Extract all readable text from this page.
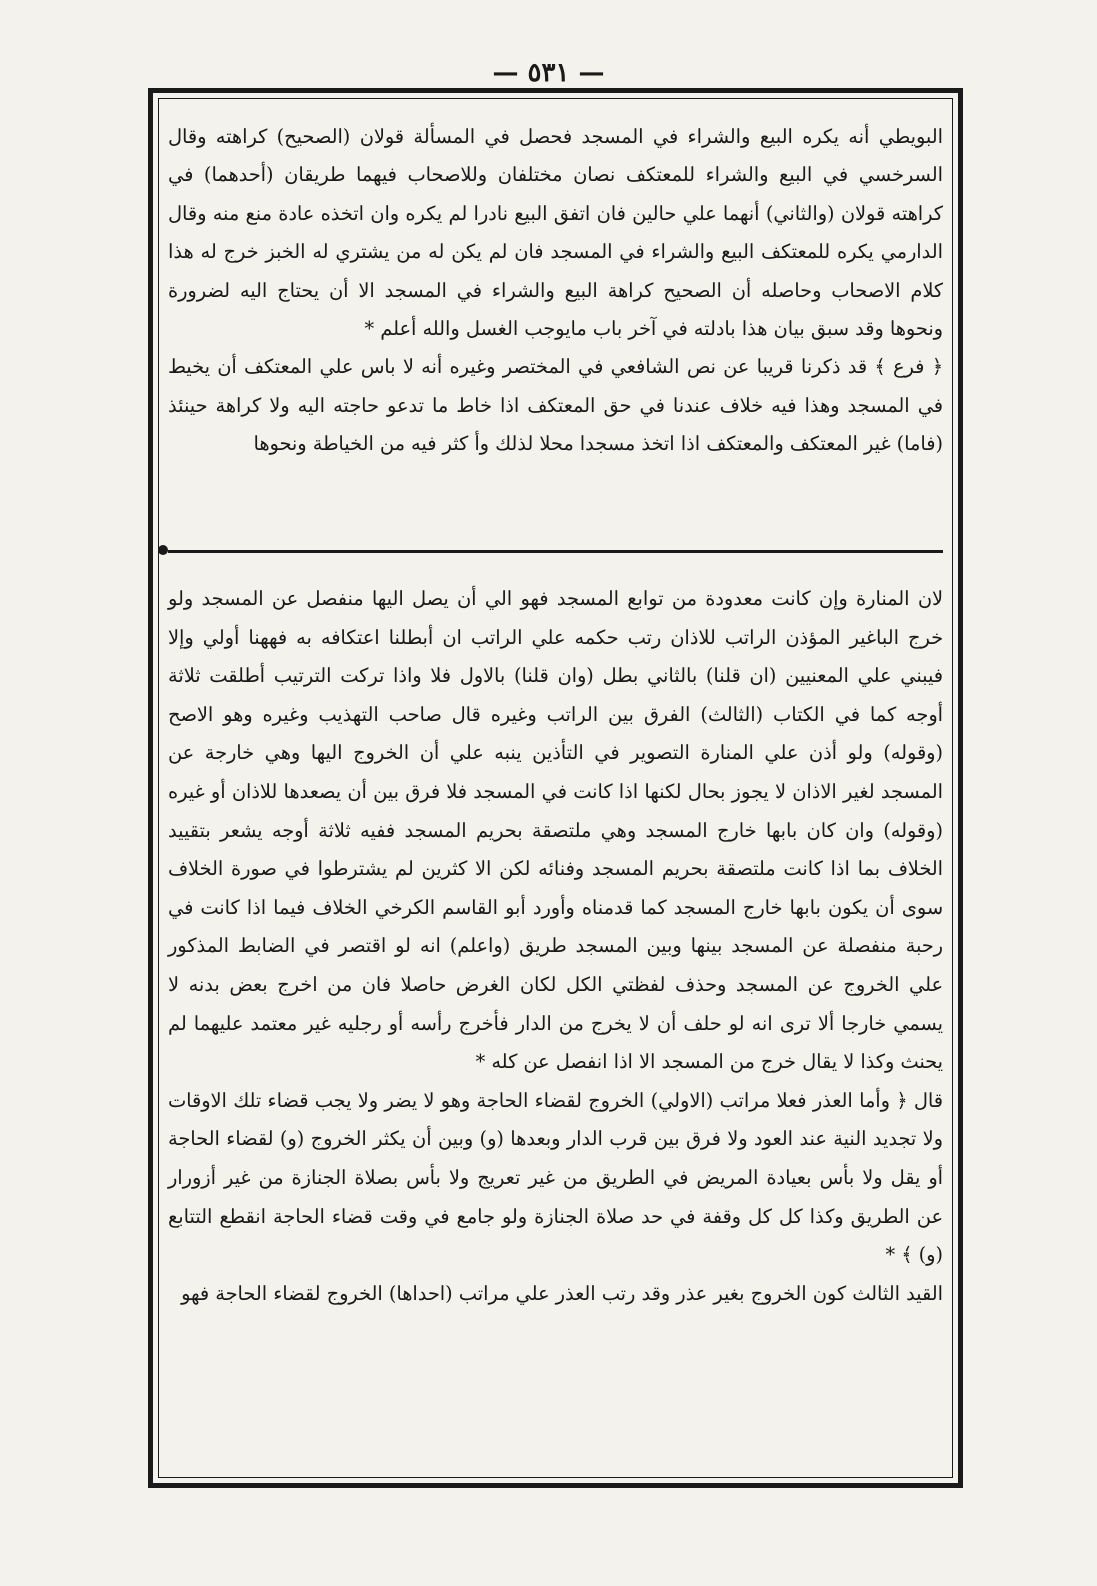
— ٥٣١ —

البويطي أنه يكره البيع والشراء في المسجد فحصل في المسألة قولان (الصحيح) كراهته وقال السرخسي في البيع والشراء للمعتكف نصان مختلفان وللاصحاب فيهما طريقان (أحدهما) في كراهته قولان (والثاني) أنهما علي حالين فان اتفق البيع نادرا لم يكره وان اتخذه عادة منع منه وقال الدارمي يكره للمعتكف البيع والشراء في المسجد فان لم يكن له من يشتري له الخبز خرج له هذا كلام الاصحاب وحاصله أن الصحيح كراهة البيع والشراء في المسجد الا أن يحتاج اليه لضرورة ونحوها وقد سبق بيان هذا بادلته في آخر باب مايوجب الغسل والله أعلم *

﴿ فرع ﴾ قد ذكرنا قريبا عن نص الشافعي في المختصر وغيره أنه لا باس علي المعتكف أن يخيط في المسجد وهذا فيه خلاف عندنا في حق المعتكف اذا خاط ما تدعو حاجته اليه ولا كراهة حينئذ (فاما) غير المعتكف والمعتكف اذا اتخذ مسجدا محلا لذلك وأ كثر فيه من الخياطة ونحوها

لان المنارة وإن كانت معدودة من توابع المسجد فهو الي أن يصل اليها منفصل عن المسجد ولو خرج الباغير المؤذن الراتب للاذان رتب حكمه علي الراتب ان أبطلنا اعتكافه به فههنا أولي وإلا فيبني علي المعنيين (ان قلنا) بالثاني بطل (وان قلنا) بالاول فلا واذا تركت الترتيب أطلقت ثلاثة أوجه كما في الكتاب (الثالث) الفرق بين الراتب وغيره قال صاحب التهذيب وغيره وهو الاصح (وقوله) ولو أذن علي المنارة التصوير في التأذين ينبه علي أن الخروج اليها وهي خارجة عن المسجد لغير الاذان لا يجوز بحال لكنها اذا كانت في المسجد فلا فرق بين أن يصعدها للاذان أو غيره (وقوله) وان كان بابها خارج المسجد وهي ملتصقة بحريم المسجد ففيه ثلاثة أوجه يشعر بتقييد الخلاف بما اذا كانت ملتصقة بحريم المسجد وفنائه لكن الا كثرين لم يشترطوا في صورة الخلاف سوى أن يكون بابها خارج المسجد كما قدمناه وأورد أبو القاسم الكرخي الخلاف فيما اذا كانت في رحبة منفصلة عن المسجد بينها وبين المسجد طريق (واعلم) انه لو اقتصر في الضابط المذكور علي الخروج عن المسجد وحذف لفظتي الكل لكان الغرض حاصلا فان من اخرج بعض بدنه لا يسمي خارجا ألا ترى انه لو حلف أن لا يخرج من الدار فأخرج رأسه أو رجليه غير معتمد عليهما لم يحنث وكذا لا يقال خرج من المسجد الا اذا انفصل عن كله *

قال ﴿ وأما العذر فعلا مراتب (الاولي) الخروج لقضاء الحاجة وهو لا يضر ولا يجب قضاء تلك الاوقات ولا تجديد النية عند العود ولا فرق بين قرب الدار وبعدها (و) وبين أن يكثر الخروج (و) لقضاء الحاجة أو يقل ولا بأس بعيادة المريض في الطريق من غير تعريج ولا بأس بصلاة الجنازة من غير أزورار عن الطريق وكذا كل كل وقفة في حد صلاة الجنازة ولو جامع في وقت قضاء الحاجة انقطع التتابع (و) ﴾ *

القيد الثالث كون الخروج بغير عذر وقد رتب العذر علي مراتب (احداها) الخروج لقضاء الحاجة فهو
